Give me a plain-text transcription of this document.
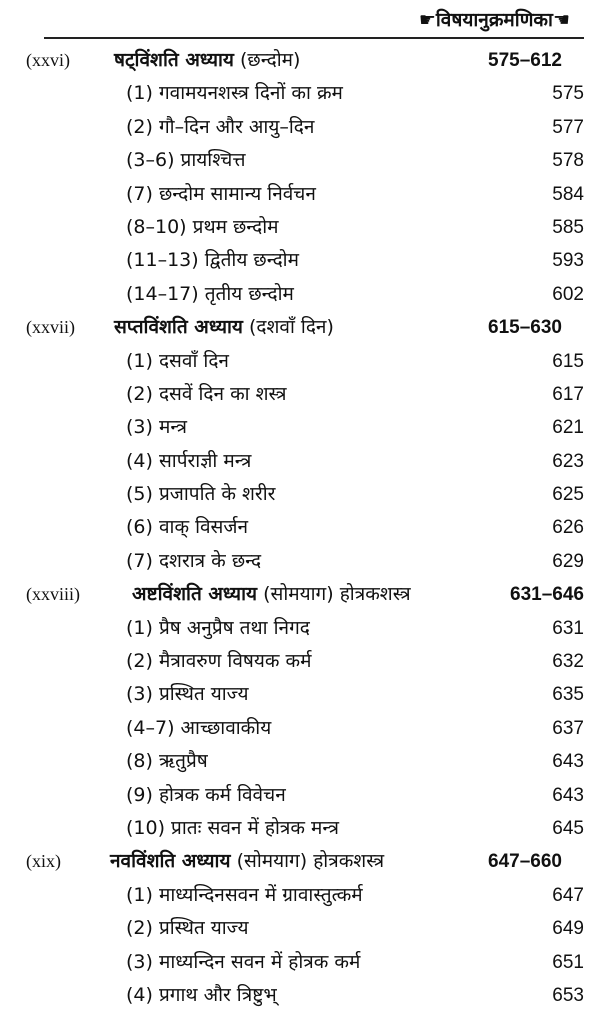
☛विषयानुक्रमणिका☚
(xxvi) षट्विंशति अध्याय (छन्दोम)	575–612
(1) गवामयनशस्त्र दिनों का क्रम	575
(2) गौ–दिन और आयु–दिन	577
(3–6) प्रायश्चित्त	578
(7) छन्दोम सामान्य निर्वचन	584
(8–10) प्रथम छन्दोम	585
(11–13) द्वितीय छन्दोम	593
(14–17) तृतीय छन्दोम	602
(xxvii) सप्तविंशति अध्याय (दशवाँ दिन)	615–630
(1) दसवाँ दिन	615
(2) दसवें दिन का शस्त्र	617
(3) मन्त्र	621
(4) सार्पराज्ञी मन्त्र	623
(5) प्रजापति के शरीर	625
(6) वाक् विसर्जन	626
(7) दशरात्र के छन्द	629
(xxviii)	अष्टविंशति अध्याय (सोमयाग) होत्रकशस्त्र	631–646
(1) प्रैष अनुप्रैष तथा निगद	631
(2) मैत्रावरुण विषयक कर्म	632
(3) प्रस्थित याज्य	635
(4–7) आच्छावाकीय	637
(8) ऋतुप्रैष	643
(9) होत्रक कर्म विवेचन	643
(10) प्रातः सवन में होत्रक मन्त्र	645
(xix)	नवविंशति अध्याय (सोमयाग) होत्रकशस्त्र	647–660
(1) माध्यन्दिनसवन में ग्रावास्तुत्कर्म	647
(2) प्रस्थित याज्य	649
(3) माध्यन्दिन सवन में होत्रक कर्म	651
(4) प्रगाथ और त्रिष्टुभ्	653
